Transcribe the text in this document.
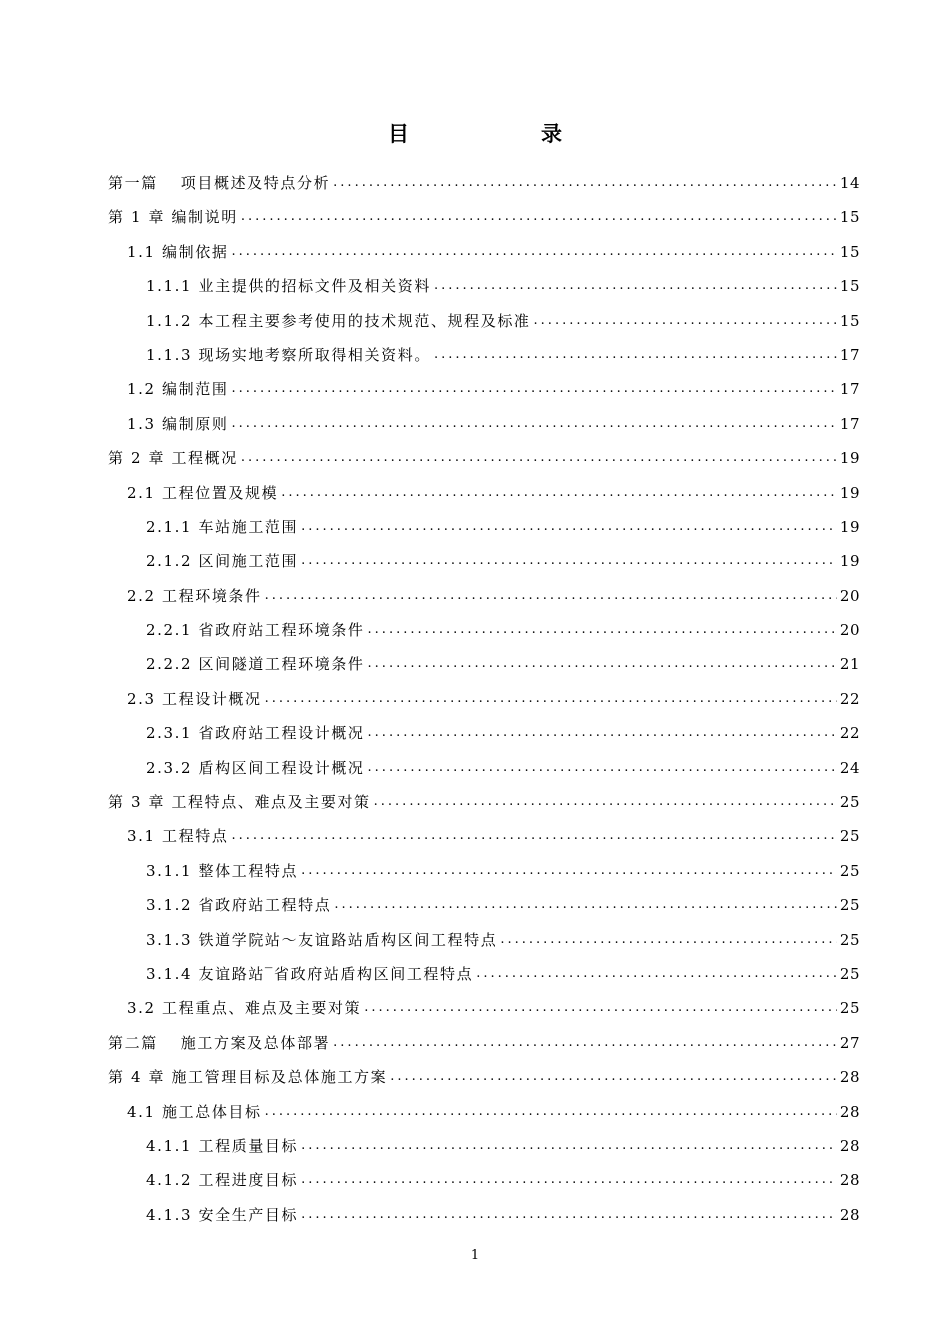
目　　录
第一篇　 项目概述及特点分析 .....	14
第 1 章 编制说明 .....	15
1.1 编制依据 .....	15
1.1.1 业主提供的招标文件及相关资料 .....	15
1.1.2 本工程主要参考使用的技术规范、规程及标准 .....	15
1.1.3 现场实地考察所取得相关资料。 .....	17
1.2 编制范围 .....	17
1.3 编制原则 .....	17
第 2 章 工程概况 .....	19
2.1 工程位置及规模 .....	19
2.1.1 车站施工范围 .....	19
2.1.2 区间施工范围 .....	19
2.2 工程环境条件 .....	20
2.2.1 省政府站工程环境条件 .....	20
2.2.2 区间隧道工程环境条件 .....	21
2.3 工程设计概况 .....	22
2.3.1 省政府站工程设计概况 .....	22
2.3.2 盾构区间工程设计概况 .....	24
第 3 章 工程特点、难点及主要对策 .....	25
3.1 工程特点 .....	25
3.1.1 整体工程特点 .....	25
3.1.2 省政府站工程特点 .....	25
3.1.3 铁道学院站～友谊路站盾构区间工程特点 .....	25
3.1.4 友谊路站‾省政府站盾构区间工程特点 .....	25
3.2 工程重点、难点及主要对策 .....	25
第二篇　 施工方案及总体部署 .....	27
第 4 章 施工管理目标及总体施工方案 .....	28
4.1 施工总体目标 .....	28
4.1.1 工程质量目标 .....	28
4.1.2 工程进度目标 .....	28
4.1.3 安全生产目标 .....	28
1
